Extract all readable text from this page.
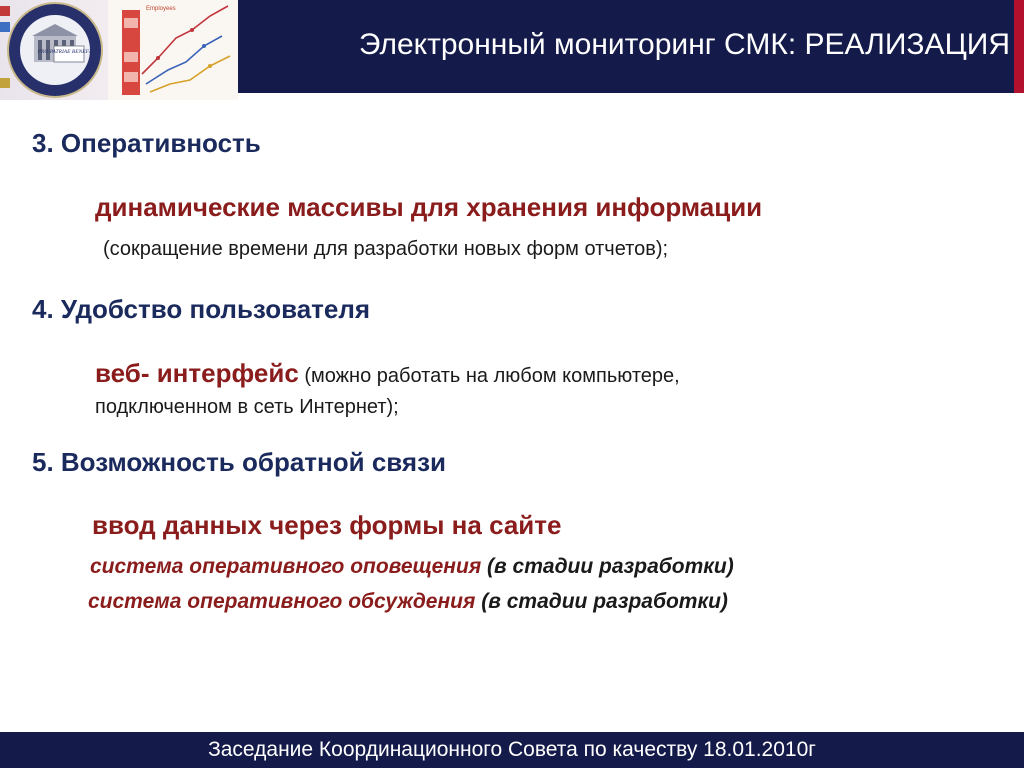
PRO PATRIAE BENEFICIO
Employees
Электронный мониторинг СМК: РЕАЛИЗАЦИЯ
3. Оперативность
динамические массивы для хранения информации
(сокращение времени для разработки новых форм отчетов);
4. Удобство пользователя
веб- интерфейс (можно работать на любом компьютере,
подключенном в сеть Интернет);
5. Возможность обратной связи
ввод данных через формы на сайте
система оперативного оповещения (в стадии разработки)
система оперативного обсуждения (в стадии разработки)
Заседание Координационного Совета по качеству 18.01.2010г
